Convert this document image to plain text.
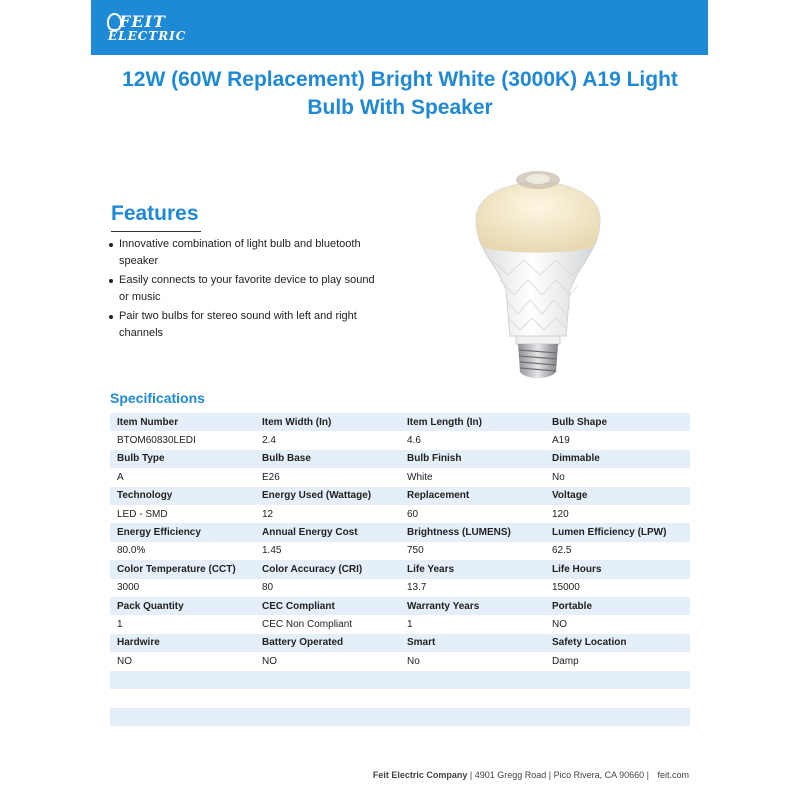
FEIT
ELECTRIC
12W (60W Replacement) Bright White (3000K) A19 Light Bulb With Speaker
Features
Innovative combination of light bulb and bluetooth speaker
Easily connects to your favorite device to play sound or music
Pair two bulbs for stereo sound with left and right channels
Specifications
Item Number	Item Width (In)	Item Length (In)	Bulb Shape
BTOM60830LEDI	2.4	4.6	A19
Bulb Type	Bulb Base	Bulb Finish	Dimmable
A	E26	White	No
Technology	Energy Used (Wattage)	Replacement	Voltage
LED - SMD	12	60	120
Energy Efficiency	Annual Energy Cost	Brightness (LUMENS)	Lumen Efficiency (LPW)
80.0%	1.45	750	62.5
Color Temperature (CCT)	Color Accuracy (CRI)	Life Years	Life Hours
3000	80	13.7	15000
Pack Quantity	CEC Compliant	Warranty Years	Portable
1	CEC Non Compliant	1	NO
Hardwire	Battery Operated	Smart	Safety Location
NO	NO	No	Damp
Feit Electric Company | 4901 Gregg Road | Pico Rivera, CA 90660 | feit.com
